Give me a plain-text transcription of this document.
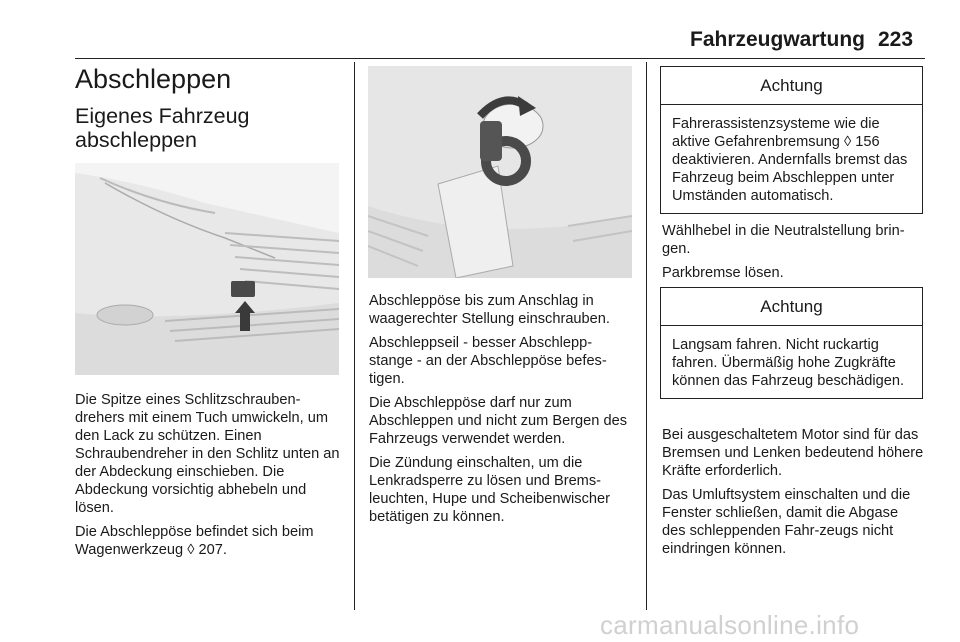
Fahrzeugwartung 223
Abschleppen
Eigenes Fahrzeug abschleppen

Die Spitze eines Schlitzschrauben-drehers mit einem Tuch umwickeln, um den Lack zu schützen. Einen Schraubendreher in den Schlitz unten an der Abdeckung einschieben. Die Abdeckung vorsichtig abhebeln und lösen.

Die Abschleppöse befindet sich beim Wagenwerkzeug ◊ 207.

Abschleppöse bis zum Anschlag in waagerechter Stellung einschrauben.

Abschleppseil - besser Abschlepp-stange - an der Abschleppöse befes-tigen.

Die Abschleppöse darf nur zum Abschleppen und nicht zum Bergen des Fahrzeugs verwendet werden.

Die Zündung einschalten, um die Lenkradsperre zu lösen und Brems-leuchten, Hupe und Scheibenwischer betätigen zu können.

Achtung
Fahrerassistenzsysteme wie die aktive Gefahrenbremsung ◊ 156 deaktivieren. Andernfalls bremst das Fahrzeug beim Abschleppen unter Umständen automatisch.

Wählhebel in die Neutralstellung brin-gen.

Parkbremse lösen.

Achtung
Langsam fahren. Nicht ruckartig fahren. Übermäßig hohe Zugkräfte können das Fahrzeug beschädigen.

Bei ausgeschaltetem Motor sind für das Bremsen und Lenken bedeutend höhere Kräfte erforderlich.

Das Umluftsystem einschalten und die Fenster schließen, damit die Abgase des schleppenden Fahr-zeugs nicht eindringen können.

carmanualsonline.info
